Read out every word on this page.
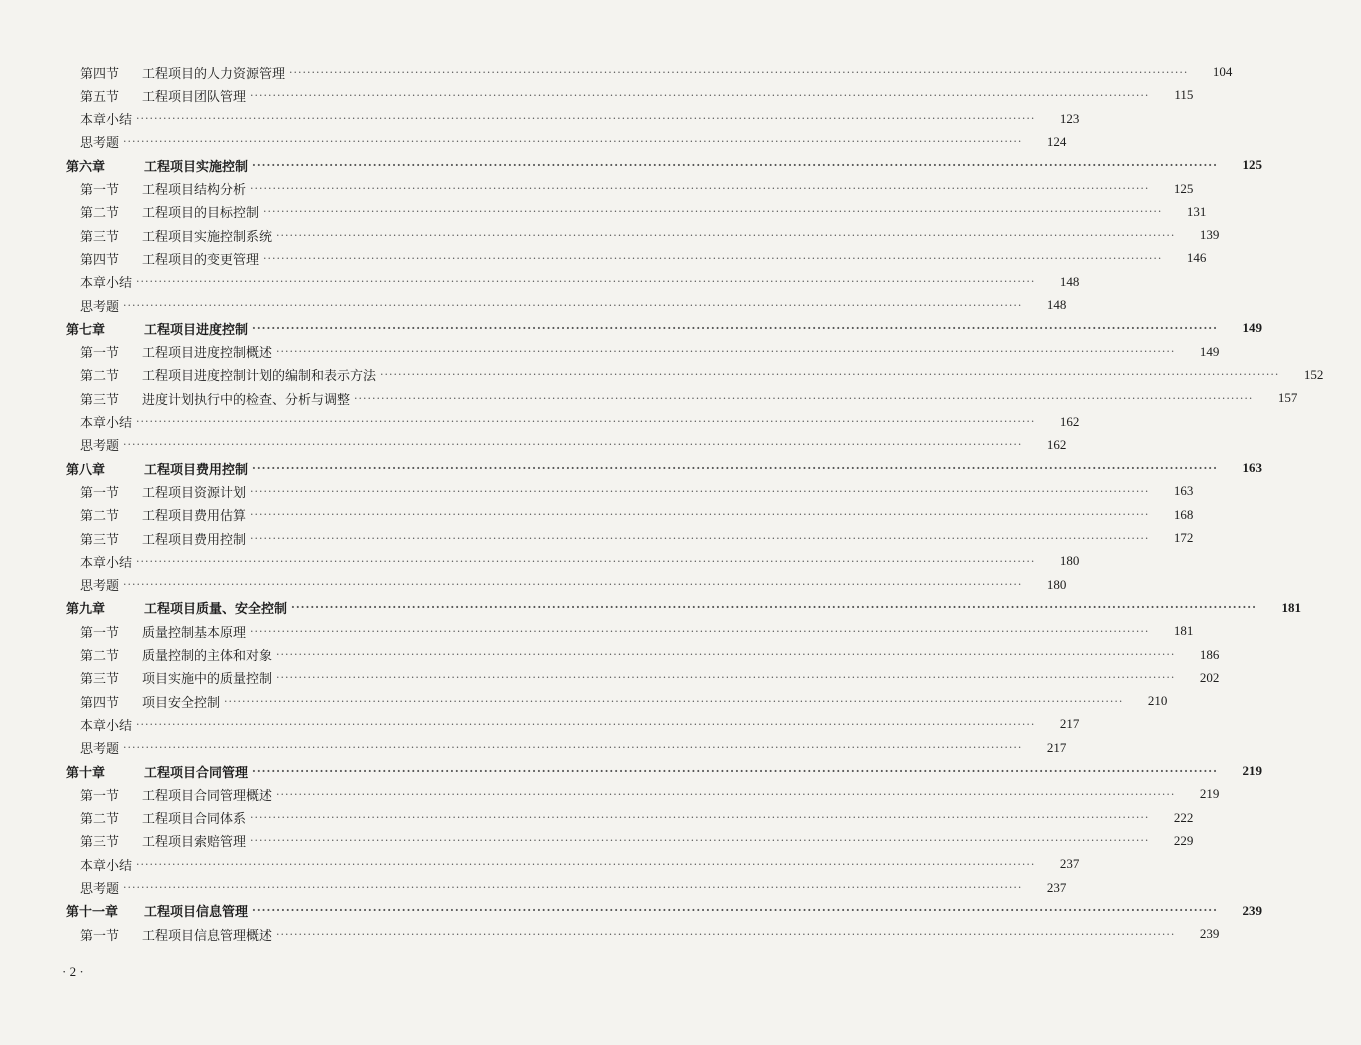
第四节	工程项目的人力资源管理 ········································································································································································································	104
第五节	工程项目团队管理 ········································································································································································································	115
本章小结 ········································································································································································································	123
思考题 ········································································································································································································	124
第六章	工程项目实施控制 ········································································································································································································	125
第一节	工程项目结构分析 ········································································································································································································	125
第二节	工程项目的目标控制 ········································································································································································································	131
第三节	工程项目实施控制系统 ········································································································································································································	139
第四节	工程项目的变更管理 ········································································································································································································	146
本章小结 ········································································································································································································	148
思考题 ········································································································································································································	148
第七章	工程项目进度控制 ········································································································································································································	149
第一节	工程项目进度控制概述 ········································································································································································································	149
第二节	工程项目进度控制计划的编制和表示方法 ········································································································································································································	152
第三节	进度计划执行中的检查、分析与调整 ········································································································································································································	157
本章小结 ········································································································································································································	162
思考题 ········································································································································································································	162
第八章	工程项目费用控制 ········································································································································································································	163
第一节	工程项目资源计划 ········································································································································································································	163
第二节	工程项目费用估算 ········································································································································································································	168
第三节	工程项目费用控制 ········································································································································································································	172
本章小结 ········································································································································································································	180
思考题 ········································································································································································································	180
第九章	工程项目质量、安全控制 ········································································································································································································	181
第一节	质量控制基本原理 ········································································································································································································	181
第二节	质量控制的主体和对象 ········································································································································································································	186
第三节	项目实施中的质量控制 ········································································································································································································	202
第四节	项目安全控制 ········································································································································································································	210
本章小结 ········································································································································································································	217
思考题 ········································································································································································································	217
第十章	工程项目合同管理 ········································································································································································································	219
第一节	工程项目合同管理概述 ········································································································································································································	219
第二节	工程项目合同体系 ········································································································································································································	222
第三节	工程项目索赔管理 ········································································································································································································	229
本章小结 ········································································································································································································	237
思考题 ········································································································································································································	237
第十一章	工程项目信息管理 ········································································································································································································	239
第一节	工程项目信息管理概述 ········································································································································································································	239
· 2 ·
